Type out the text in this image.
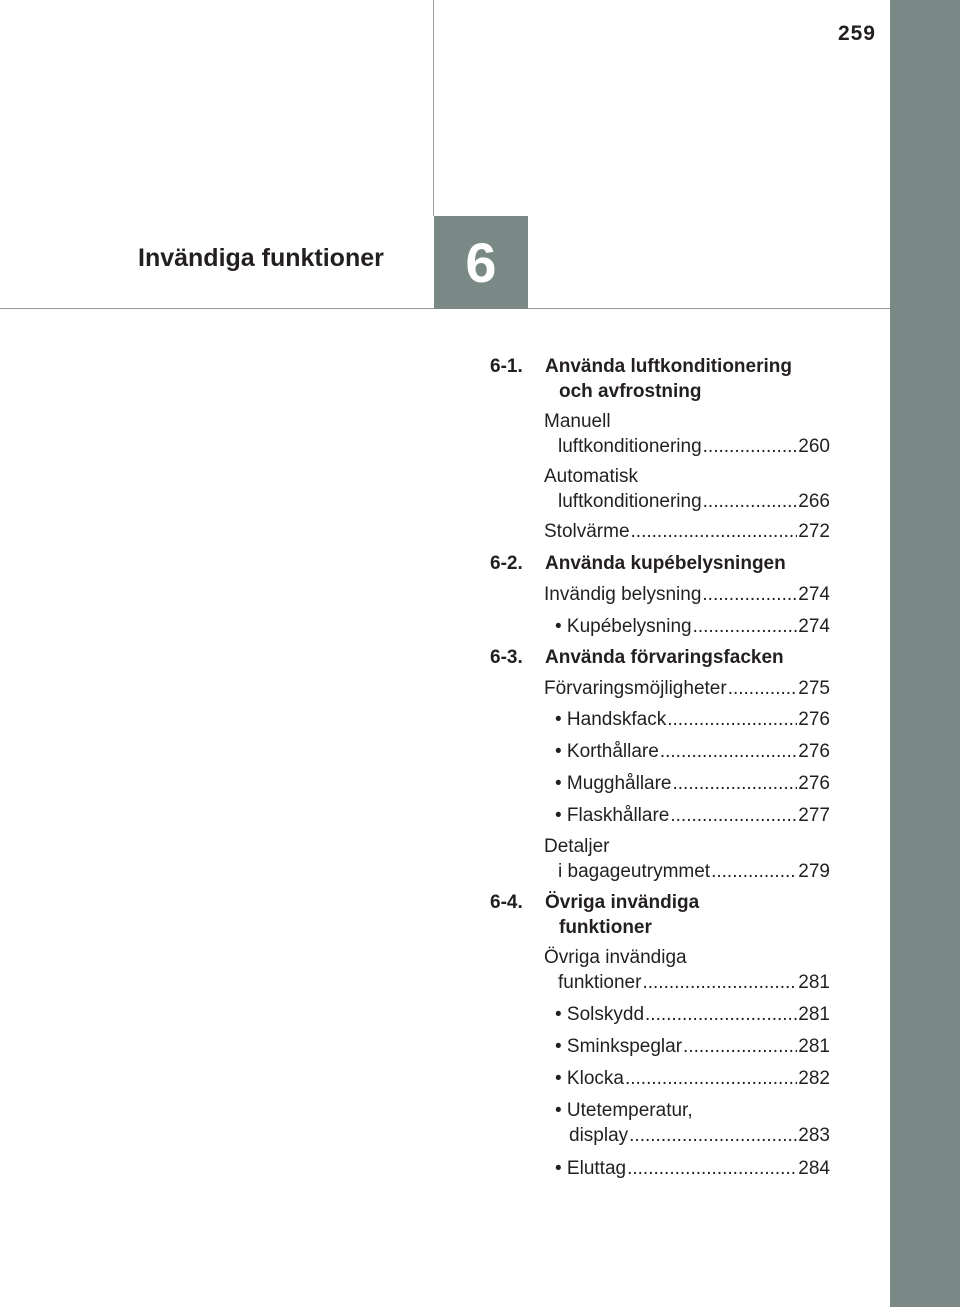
259
Invändiga funktioner 6
6-1. Använda luftkonditionering
och avfrostning
Manuell
luftkonditionering .....	260
Automatisk
luftkonditionering .....	266
Stolvärme .....	272
6-2. Använda kupébelysningen
Invändig belysning .....	274
• Kupébelysning .....	274
6-3. Använda förvaringsfacken
Förvaringsmöjligheter .....	275
• Handskfack .....	276
• Korthållare .....	276
• Mugghållare .....	276
• Flaskhållare .....	277
Detaljer
i bagageutrymmet .....	279
6-4. Övriga invändiga
funktioner
Övriga invändiga
funktioner .....	281
• Solskydd .....	281
• Sminkspeglar .....	281
• Klocka .....	282
• Utetemperatur,
display .....	283
• Eluttag .....	284
